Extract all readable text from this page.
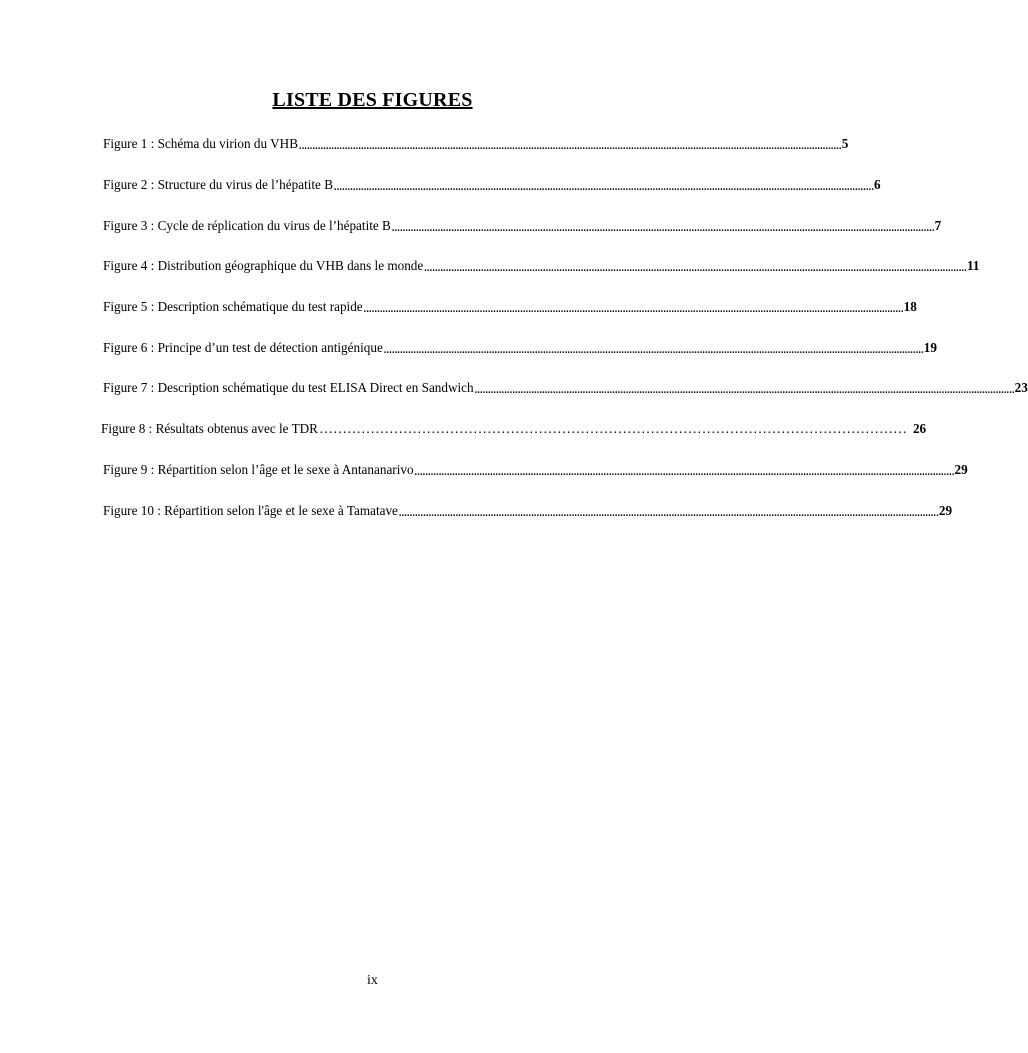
LISTE DES FIGURES
Figure 1 : Schéma du virion du VHB ......................................................................................................................................................................................................... 5
Figure 2 : Structure du virus de l’hépatite B ........................................................................................................................................................................................................ 6
Figure 3 : Cycle de réplication du virus de l’hépatite B ......................................................................................................................................................................................................... 7
Figure 4 : Distribution géographique du VHB dans le monde ......................................................................................................................................................................................................... 11
Figure 5 : Description schématique du test rapide ........................................................................................................................................................................................................ 18
Figure 6 : Principe d’un test de détection antigénique ........................................................................................................................................................................................................ 19
Figure 7 : Description schématique du test ELISA Direct en Sandwich ........................................................................................................................................................................................................ 23
Figure 8 : Résultats obtenus avec le TDR ……………………………………………………………………………………………………………… 26
Figure 9 : Répartition selon l’âge et le sexe à Antananarivo ........................................................................................................................................................................................................ 29
Figure 10 : Répartition selon l'âge et le sexe à Tamatave ........................................................................................................................................................................................................ 29
ix
